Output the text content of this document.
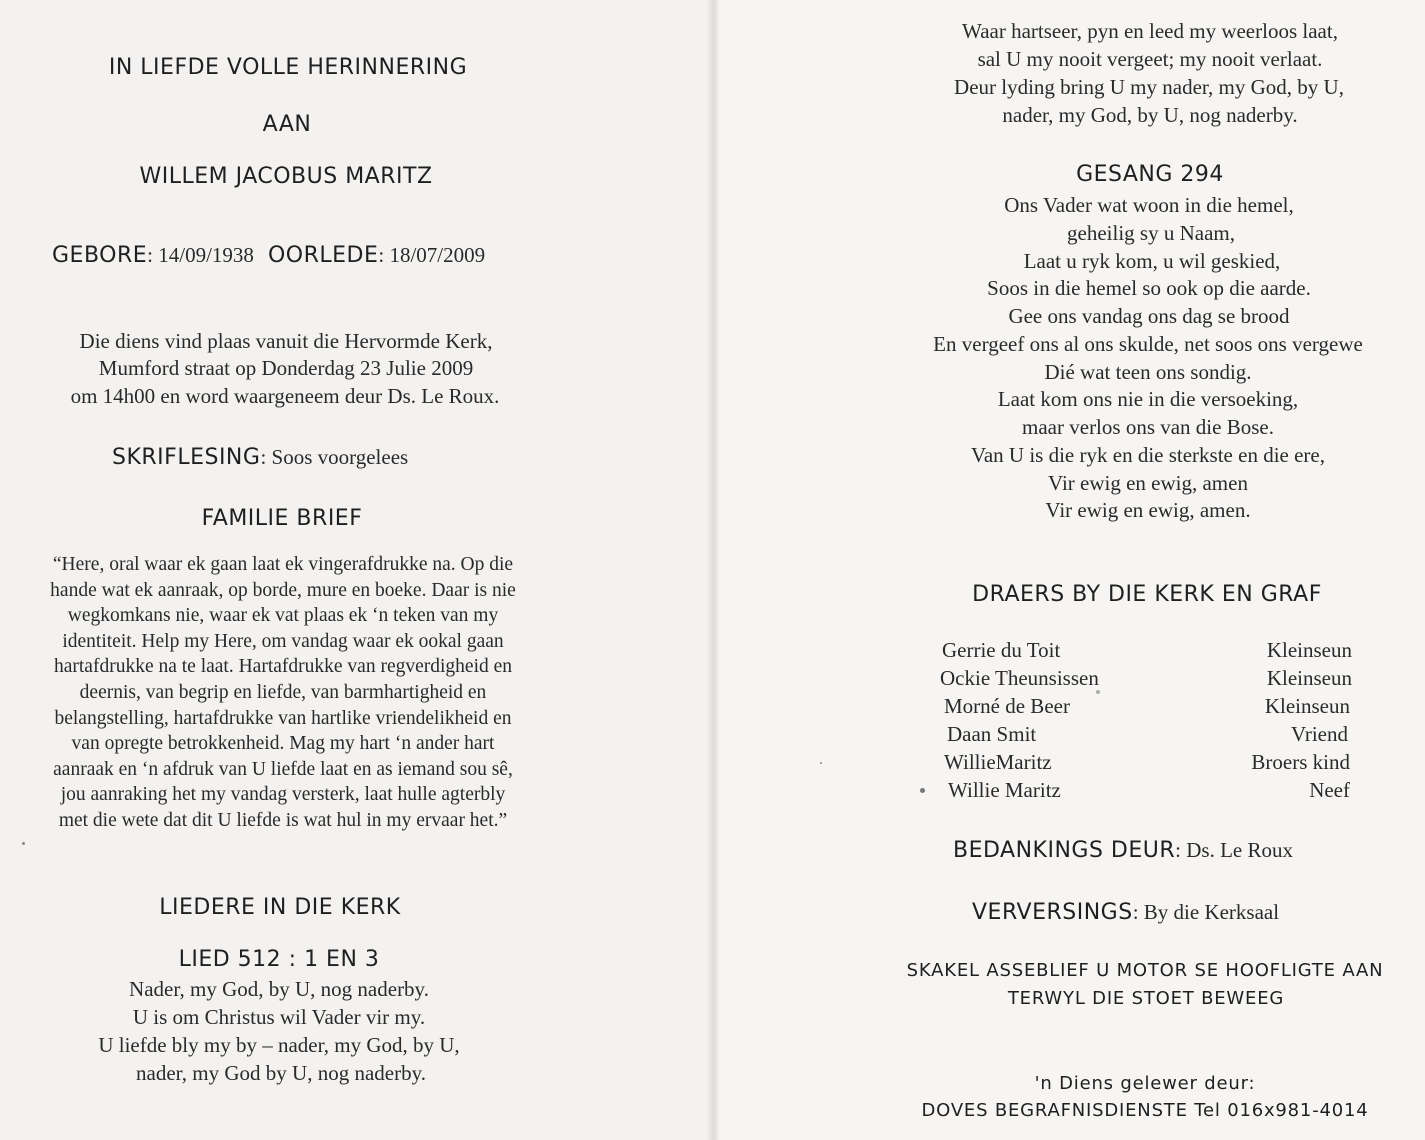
IN LIEFDE VOLLE HERINNERING
AAN
WILLEM JACOBUS MARITZ
GEBORE: 14/09/1938 OORLEDE: 18/07/2009
Die diens vind plaas vanuit die Hervormde Kerk,
Mumford straat op Donderdag 23 Julie 2009
om 14h00 en word waargeneem deur Ds. Le Roux.
SKRIFLESING: Soos voorgelees
FAMILIE BRIEF
“Here, oral waar ek gaan laat ek vingerafdrukke na. Op die
hande wat ek aanraak, op borde, mure en boeke. Daar is nie
wegkomkans nie, waar ek vat plaas ek ‘n teken van my
identiteit. Help my Here, om vandag waar ek ookal gaan
hartafdrukke na te laat. Hartafdrukke van regverdigheid en
deernis, van begrip en liefde, van barmhartigheid en
belangstelling, hartafdrukke van hartlike vriendelikheid en
van opregte betrokkenheid. Mag my hart ‘n ander hart
aanraak en ‘n afdruk van U liefde laat en as iemand sou sê,
jou aanraking het my vandag versterk, laat hulle agterbly
met die wete dat dit U liefde is wat hul in my ervaar het.”
LIEDERE IN DIE KERK
LIED 512 : 1 EN 3
Nader, my God, by U, nog naderby.
U is om Christus wil Vader vir my.
U liefde bly my by – nader, my God, by U,
nader, my God by U, nog naderby.
Waar hartseer, pyn en leed my weerloos laat,
sal U my nooit vergeet; my nooit verlaat.
Deur lyding bring U my nader, my God, by U,
nader, my God, by U, nog naderby.
GESANG 294
Ons Vader wat woon in die hemel,
geheilig sy u Naam,
Laat u ryk kom, u wil geskied,
Soos in die hemel so ook op die aarde.
Gee ons vandag ons dag se brood
En vergeef ons al ons skulde, net soos ons vergewe
Dié wat teen ons sondig.
Laat kom ons nie in die versoeking,
maar verlos ons van die Bose.
Van U is die ryk en die sterkste en die ere,
Vir ewig en ewig, amen
Vir ewig en ewig, amen.
DRAERS BY DIE KERK EN GRAF
Gerrie du Toit	Kleinseun
Ockie Theunsissen	Kleinseun
Morné de Beer	Kleinseun
Daan Smit	Vriend
WillieMaritz	Broers kind
Willie Maritz	Neef
BEDANKINGS DEUR: Ds. Le Roux
VERVERSINGS: By die Kerksaal
SKAKEL ASSEBLIEF U MOTOR SE HOOFLIGTE AAN
TERWYL DIE STOET BEWEEG
'n Diens gelewer deur:
DOVES BEGRAFNISDIENSTE Tel 016x981-4014
